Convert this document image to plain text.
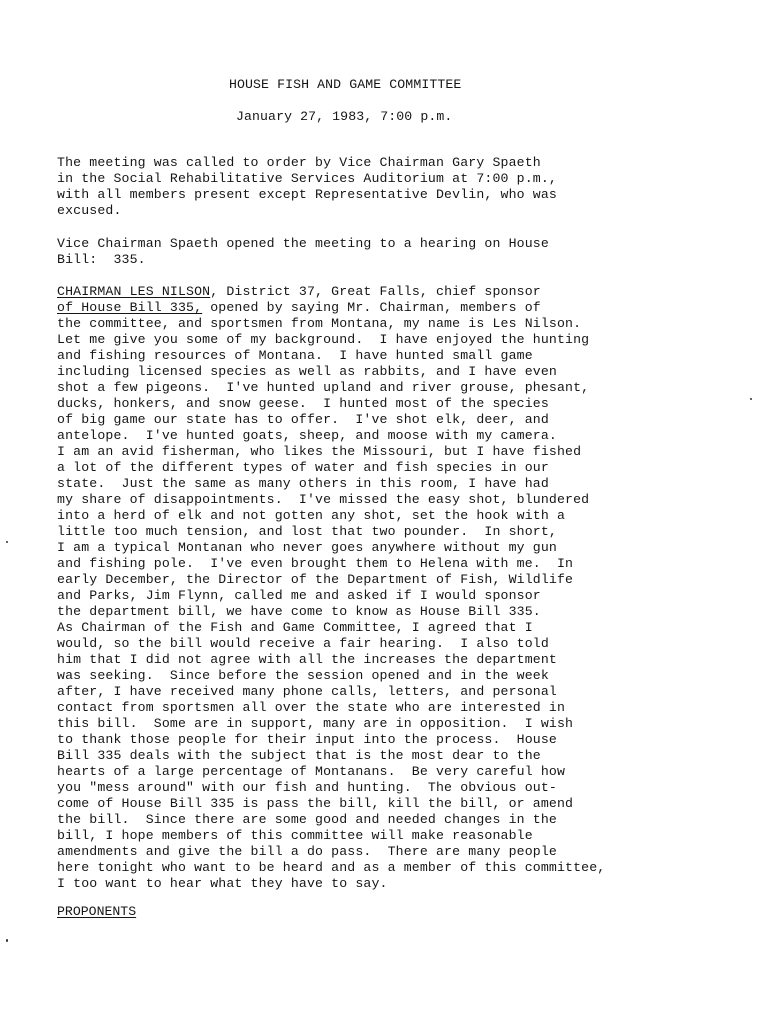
HOUSE FISH AND GAME COMMITTEE
January 27, 1983, 7:00 p.m.
The meeting was called to order by Vice Chairman Gary Spaeth
in the Social Rehabilitative Services Auditorium at 7:00 p.m.,
with all members present except Representative Devlin, who was
excused.
Vice Chairman Spaeth opened the meeting to a hearing on House
Bill:  335.
CHAIRMAN LES NILSON, District 37, Great Falls, chief sponsor
of House Bill 335, opened by saying Mr. Chairman, members of
the committee, and sportsmen from Montana, my name is Les Nilson.
Let me give you some of my background.  I have enjoyed the hunting
and fishing resources of Montana.  I have hunted small game
including licensed species as well as rabbits, and I have even
shot a few pigeons.  I've hunted upland and river grouse, phesant,
ducks, honkers, and snow geese.  I hunted most of the species
of big game our state has to offer.  I've shot elk, deer, and
antelope.  I've hunted goats, sheep, and moose with my camera.
I am an avid fisherman, who likes the Missouri, but I have fished
a lot of the different types of water and fish species in our
state.  Just the same as many others in this room, I have had
my share of disappointments.  I've missed the easy shot, blundered
into a herd of elk and not gotten any shot, set the hook with a
little too much tension, and lost that two pounder.  In short,
I am a typical Montanan who never goes anywhere without my gun
and fishing pole.  I've even brought them to Helena with me.  In
early December, the Director of the Department of Fish, Wildlife
and Parks, Jim Flynn, called me and asked if I would sponsor
the department bill, we have come to know as House Bill 335.
As Chairman of the Fish and Game Committee, I agreed that I
would, so the bill would receive a fair hearing.  I also told
him that I did not agree with all the increases the department
was seeking.  Since before the session opened and in the week
after, I have received many phone calls, letters, and personal
contact from sportsmen all over the state who are interested in
this bill.  Some are in support, many are in opposition.  I wish
to thank those people for their input into the process.  House
Bill 335 deals with the subject that is the most dear to the
hearts of a large percentage of Montanans.  Be very careful how
you "mess around" with our fish and hunting.  The obvious out-
come of House Bill 335 is pass the bill, kill the bill, or amend
the bill.  Since there are some good and needed changes in the
bill, I hope members of this committee will make reasonable
amendments and give the bill a do pass.  There are many people
here tonight who want to be heard and as a member of this committee,
I too want to hear what they have to say.
PROPONENTS
